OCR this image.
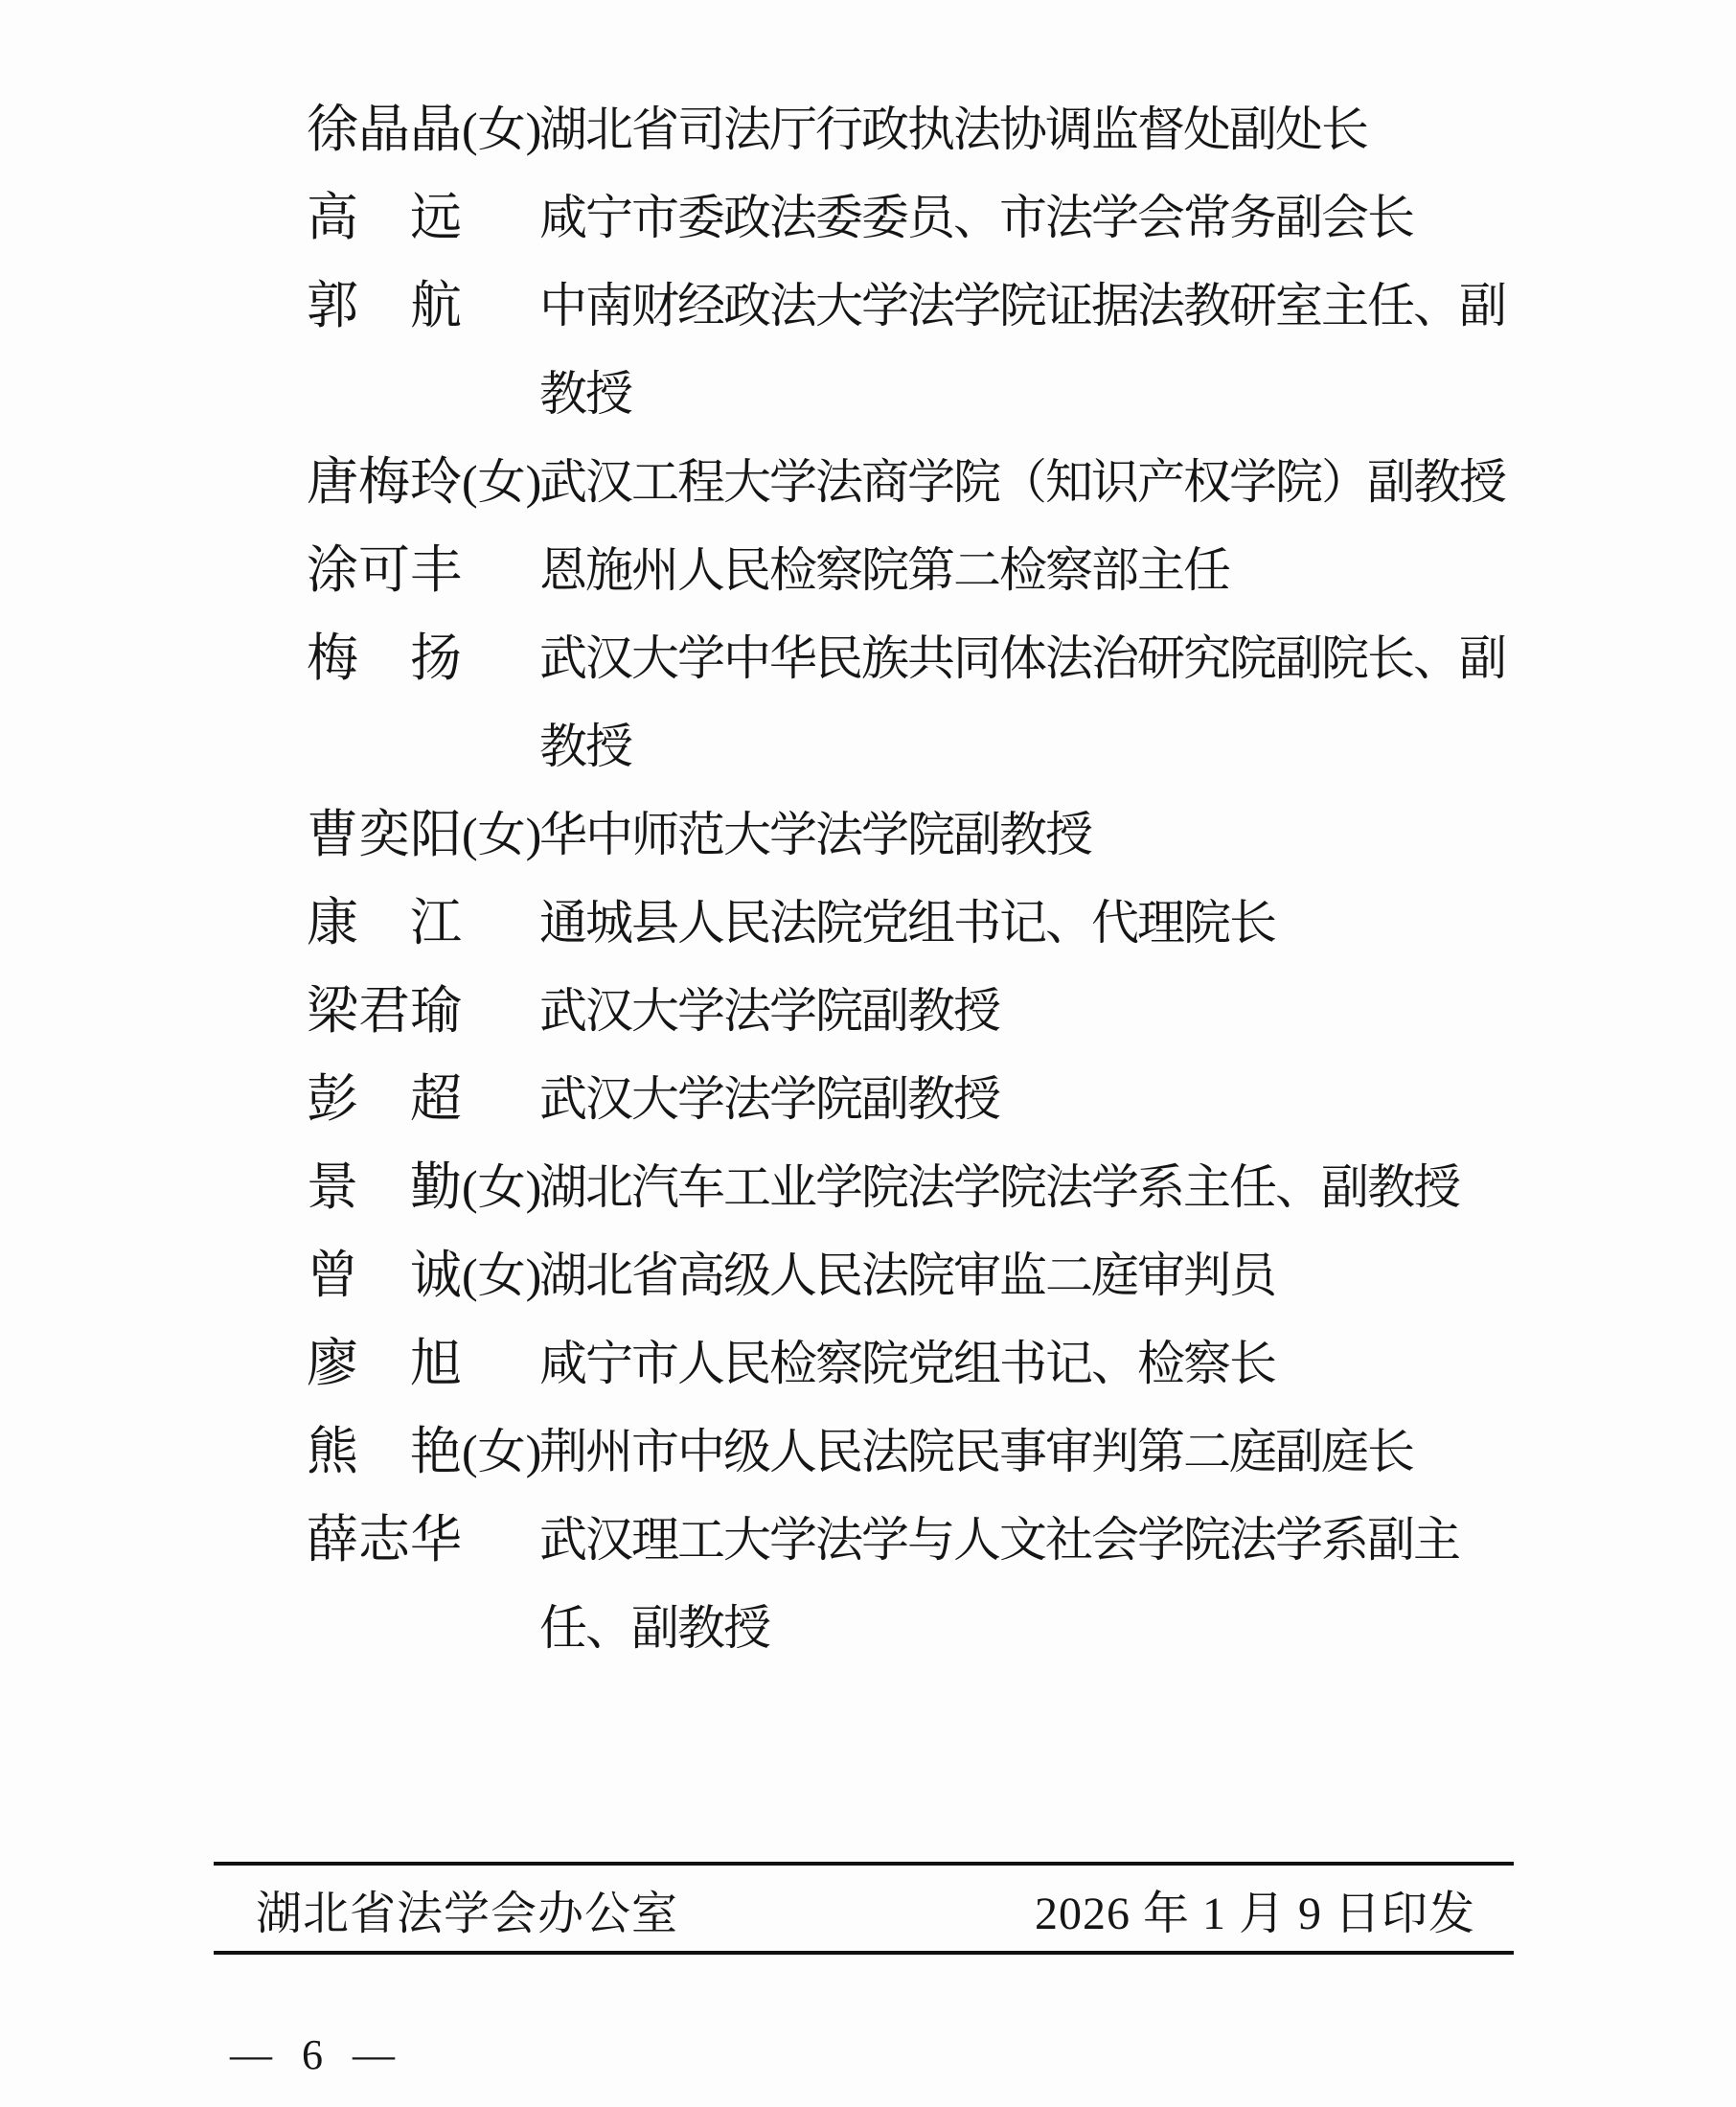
徐晶晶 (女)
湖北省司法厅行政执法协调监督处副处长
高　远 咸宁市委政法委委员、市法学会常务副会长
郭　航 中南财经政法大学法学院证据法教研室主任、副教授
唐梅玲 (女)
武汉工程大学法商学院（知识产权学院）副教授
涂可丰 恩施州人民检察院第二检察部主任
梅　扬 武汉大学中华民族共同体法治研究院副院长、副教授
曹奕阳 (女)
华中师范大学法学院副教授
康　江 通城县人民法院党组书记、代理院长
梁君瑜 武汉大学法学院副教授
彭　超 武汉大学法学院副教授
景　勤 (女)
湖北汽车工业学院法学院法学系主任、副教授
曾　诚 (女)
湖北省高级人民法院审监二庭审判员
廖　旭 咸宁市人民检察院党组书记、检察长
熊　艳 (女)
荆州市中级人民法院民事审判第二庭副庭长
薛志华 武汉理工大学法学与人文社会学院法学系副主任、副教授
湖北省法学会办公室	2026 年 1 月 9 日印发
— 6 —
